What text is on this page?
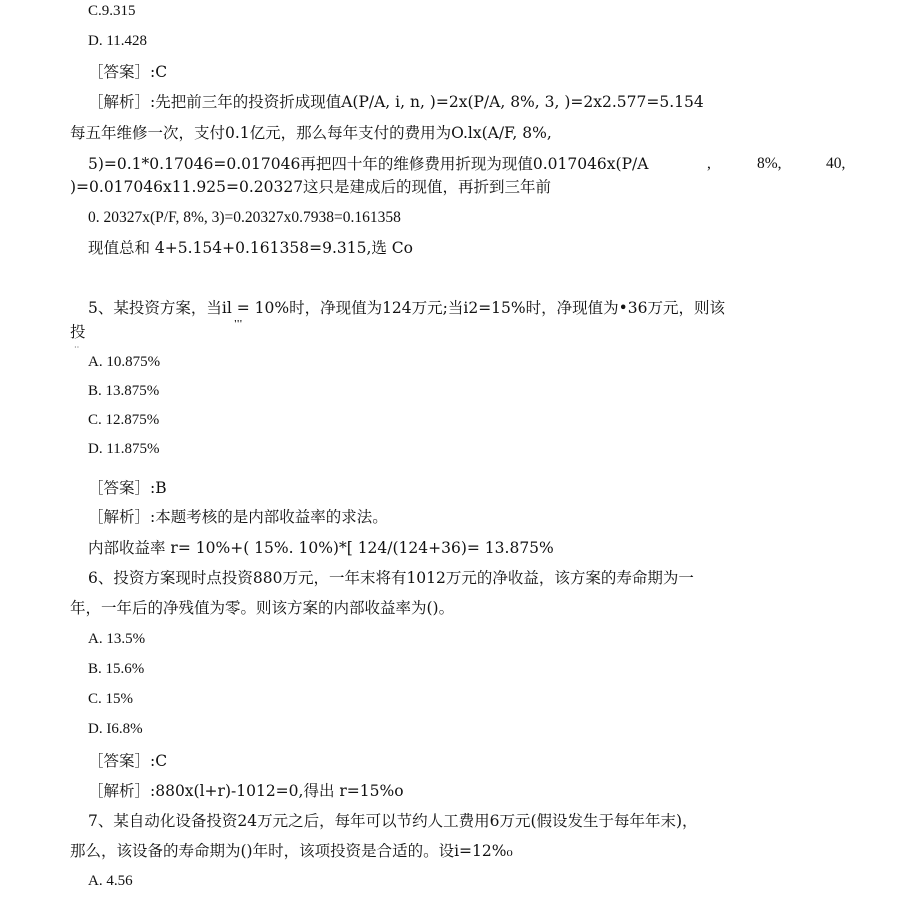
C.9.315
D. 11.428
［答案］:C
［解析］:先把前三年的投资折成现值A(P/A, i, n, )=2x(P/A, 8%, 3, )=2x2.577=5.154
每五年维修一次，支付0.1亿元，那么每年支付的费用为O.lx(A/F, 8%,
5)=0.1*0.17046=0.017046再把四十年的维修费用折现为现值0.017046x(P/A	,	8%,	40,
)=0.017046x11.925=0.20327这只是建成后的现值，再折到三年前
0. 20327x(P/F, 8%, 3)=0.20327x0.7938=0.161358
现值总和 4+5.154+0.161358=9.315,选 Co
5、某投资方案，当il = 10%时，净现值为124万元;当i2=15%时，净现值为•36万元，则该
投	'''
··
A. 10.875%
B. 13.875%
C. 12.875%
D. 11.875%
［答案］:B
［解析］:本题考核的是内部收益率的求法。
内部收益率 r= 10%+( 15%. 10%)*[ 124/(124+36)= 13.875%
6、投资方案现时点投资880万元，一年末将有1012万元的净收益，该方案的寿命期为一
年，一年后的净残值为零。则该方案的内部收益率为()。
A. 13.5%
B. 15.6%
C. 15%
D. I6.8%
［答案］:C
［解析］:880x(l+r)-1012=0,得出 r=15%o
7、某自动化设备投资24万元之后，每年可以节约人工费用6万元(假设发生于每年年末)，
那么，该设备的寿命期为()年时，该项投资是合适的。设i=12%₀
A. 4.56
